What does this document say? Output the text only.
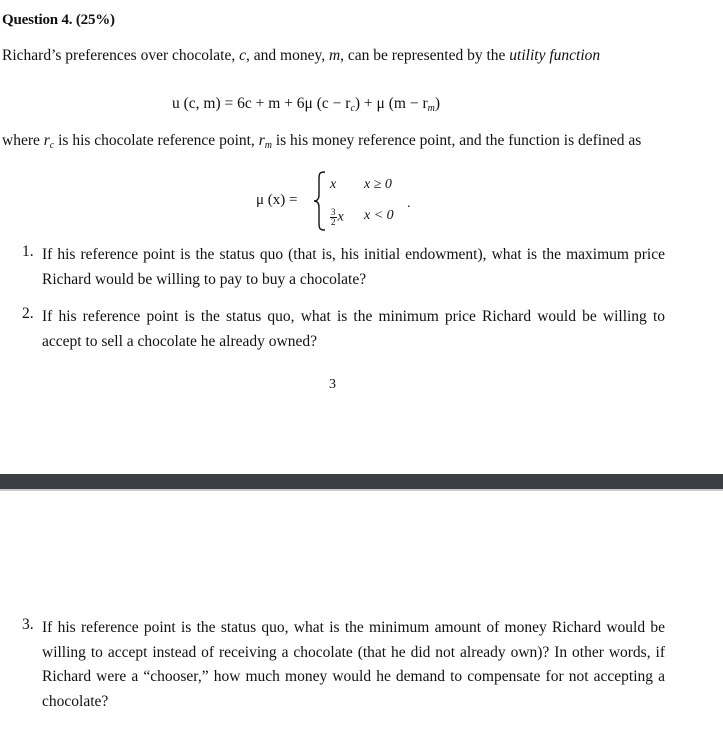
Question 4. (25%)
Richard’s preferences over chocolate, c, and money, m, can be represented by the utility function
u (c, m) = 6c + m + 6μ $(c - r_c) + \mu$ $(m - r_m)$
where $r_c$ is his chocolate reference point, $r_m$ is his money reference point, and the function is defined as
μ (x) =
x x ≥ 0
$\frac{3}{2}$ x x < 0
.
1. If his reference point is the status quo (that is, his initial endowment), what is the maximum price Richard would be willing to pay to buy a chocolate?
2. If his reference point is the status quo, what is the minimum price Richard would be willing to accept to sell a chocolate he already owned?
3
3. If his reference point is the status quo, what is the minimum amount of money Richard would be willing to accept instead of receiving a chocolate (that he did not already own)? In other words, if Richard were a “chooser,” how much money would he demand to compensate for not accepting a chocolate?
